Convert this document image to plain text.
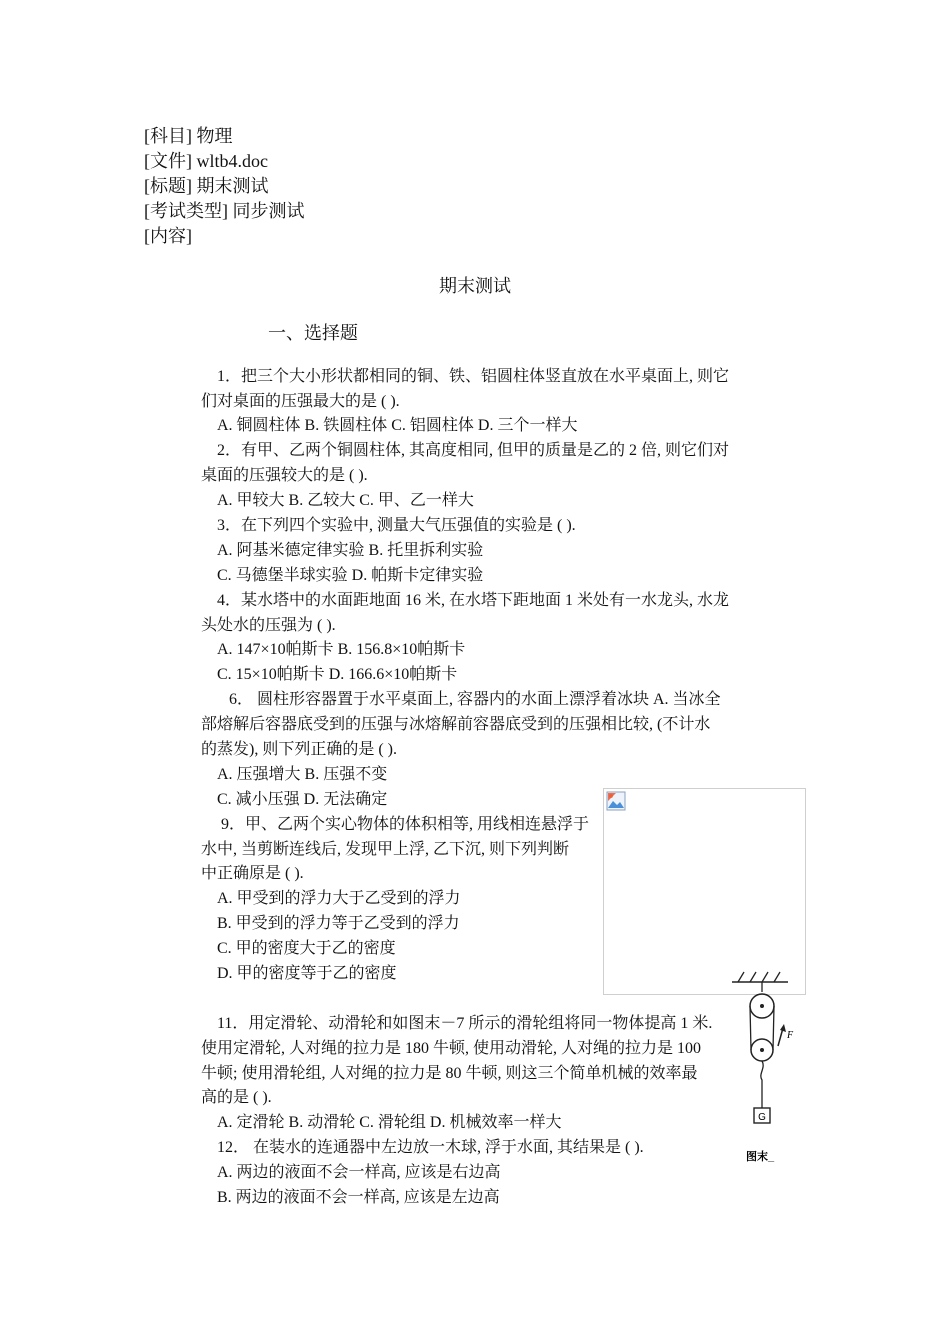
[科目] 物理
[文件] wltb4.doc
[标题] 期末测试
[考试类型] 同步测试
[内容]
期末测试
一、选择题
1．把三个大小形状都相同的铜、铁、铝圆柱体竖直放在水平桌面上, 则它
们对桌面的压强最大的是 ( ).
A. 铜圆柱体 B. 铁圆柱体 C. 铝圆柱体 D. 三个一样大
2．有甲、乙两个铜圆柱体, 其高度相同, 但甲的质量是乙的 2 倍, 则它们对
桌面的压强较大的是 ( ).
A. 甲较大 B. 乙较大 C. 甲、乙一样大
3．在下列四个实验中, 测量大气压强值的实验是 ( ).
A. 阿基米德定律实验 B. 托里拆利实验
C. 马德堡半球实验 D. 帕斯卡定律实验
4．某水塔中的水面距地面 16 米, 在水塔下距地面 1 米处有一水龙头, 水龙
头处水的压强为 ( ).
A. 147×10帕斯卡 B. 156.8×10帕斯卡
C. 15×10帕斯卡 D. 166.6×10帕斯卡
6． 圆柱形容器置于水平桌面上, 容器内的水面上漂浮着冰块 A. 当冰全
部熔解后容器底受到的压强与冰熔解前容器底受到的压强相比较, (不计水
的蒸发), 则下列正确的是 ( ).
A. 压强增大 B. 压强不变
C. 减小压强 D. 无法确定
9．甲、乙两个实心物体的体积相等, 用线相连悬浮于
水中, 当剪断连线后, 发现甲上浮, 乙下沉, 则下列判断
中正确原是 ( ).
A. 甲受到的浮力大于乙受到的浮力
B. 甲受到的浮力等于乙受到的浮力
C. 甲的密度大于乙的密度
D. 甲的密度等于乙的密度
11．用定滑轮、动滑轮和如图末－7 所示的滑轮组将同一物体提高 1 米.
使用定滑轮, 人对绳的拉力是 180 牛顿, 使用动滑轮, 人对绳的拉力是 100
牛顿; 使用滑轮组, 人对绳的拉力是 80 牛顿, 则这三个简单机械的效率最
高的是 ( ).
A. 定滑轮 B. 动滑轮 C. 滑轮组 D. 机械效率一样大
12． 在装水的连通器中左边放一木球, 浮于水面, 其结果是 ( ).
A. 两边的液面不会一样高, 应该是右边高
B. 两边的液面不会一样高, 应该是左边高
F
G
图末_
